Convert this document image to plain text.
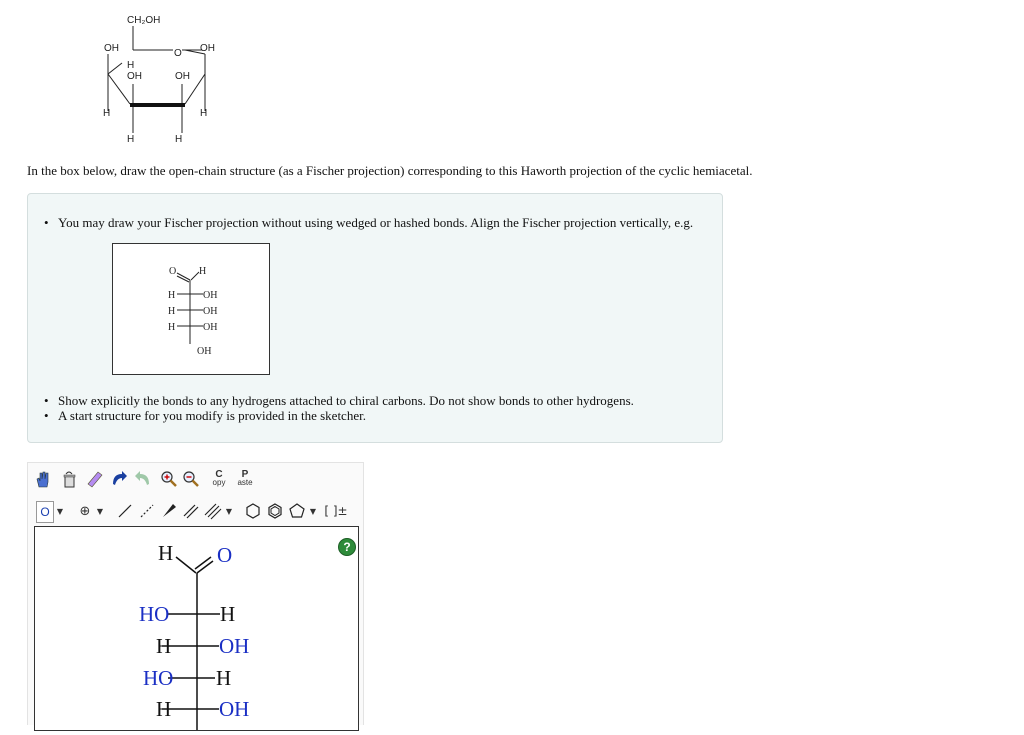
CH₂OH
OH	O OH
H
OH	OH
H	H
H	H
In the box below, draw the open-chain structure (as a Fischer projection) corresponding to this Haworth projection of the cyclic hemiacetal.
• You may draw your Fischer projection without using wedged or hashed bonds. Align the Fischer projection vertically, e.g.
O H
H	OH
H	OH
H	OH
OH
• Show explicitly the bonds to any hydrogens attached to chiral carbons. Do not show bonds to other hydrogens.
• A start structure for you modify is provided in the sketcher.
C
opy
P
aste
O ▼	⊕ ▼	▼	▼ [ ]±
?
H O
HO H
H OH
HO H
H OH
